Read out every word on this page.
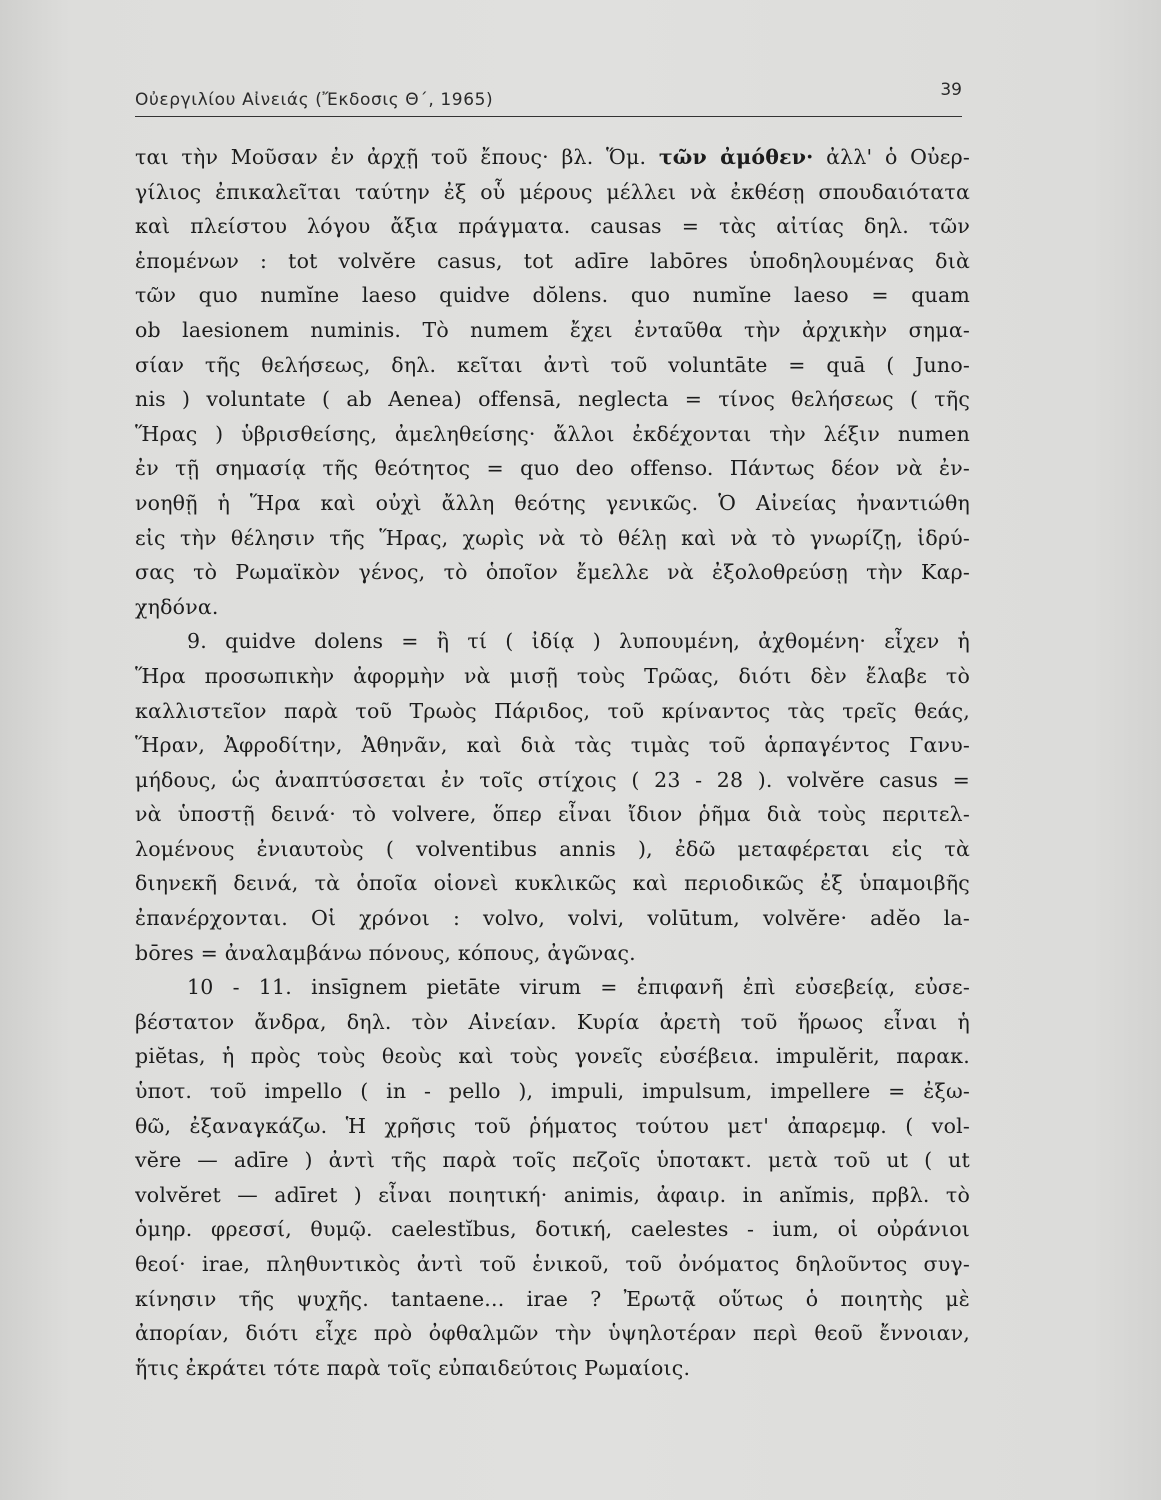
Οὐεργιλίου Αἰνειάς (Ἔκδοσις Θ΄, 1965)	39
ται τὴν Μοῦσαν ἐν ἀρχῇ τοῦ ἔπους· βλ. Ὅμ. τῶν ἀμόθεν· ἀλλ' ὁ Οὐερ-
γίλιος ἐπικαλεῖται ταύτην ἐξ οὗ μέρους μέλλει νὰ ἐκθέσῃ σπουδαιότατα
καὶ πλείστου λόγου ἄξια πράγματα. causas = τὰς αἰτίας δηλ. τῶν
ἑπομένων : tot volvĕre casus, tot adīre labōres ὑποδηλουμένας διὰ
τῶν quo numĭne laeso quidve dŏlens. quo numĭne laeso = quam
ob laesionem numinis. Τὸ numem ἔχει ἐνταῦθα τὴν ἀρχικὴν σημα-
σίαν τῆς θελήσεως, δηλ. κεῖται ἀντὶ τοῦ voluntāte = quā ( Juno-
nis ) voluntate ( ab Aenea) offensā, neglecta = τίνος θελήσεως ( τῆς
Ἥρας ) ὑβρισθείσης, ἀμεληθείσης· ἄλλοι ἐκδέχονται τὴν λέξιν numen
ἐν τῇ σημασίᾳ τῆς θεότητος = quo deo offenso. Πάντως δέον νὰ ἐν-
νοηθῇ ἡ Ἥρα καὶ οὐχὶ ἄλλη θεότης γενικῶς. Ὁ Αἰνείας ἠναντιώθη
εἰς τὴν θέλησιν τῆς Ἥρας, χωρὶς νὰ τὸ θέλῃ καὶ νὰ τὸ γνωρίζῃ, ἱδρύ-
σας τὸ Ρωμαϊκὸν γένος, τὸ ὁποῖον ἔμελλε νὰ ἐξολοθρεύσῃ τὴν Καρ-
χηδόνα.
9. quidve dolens = ἢ τί ( ἰδίᾳ ) λυπουμένη, ἀχθομένη· εἶχεν ἡ
Ἥρα προσωπικὴν ἀφορμὴν νὰ μισῇ τοὺς Τρῶας, διότι δὲν ἔλαβε τὸ
καλλιστεῖον παρὰ τοῦ Τρωὸς Πάριδος, τοῦ κρίναντος τὰς τρεῖς θεάς,
Ἥραν, Ἀφροδίτην, Ἀθηνᾶν, καὶ διὰ τὰς τιμὰς τοῦ ἁρπαγέντος Γανυ-
μήδους, ὡς ἀναπτύσσεται ἐν τοῖς στίχοις ( 23 - 28 ). volvĕre casus =
νὰ ὑποστῇ δεινά· τὸ volvere, ὅπερ εἶναι ἴδιον ῥῆμα διὰ τοὺς περιτελ-
λομένους ἐνιαυτοὺς ( volventibus annis ), ἐδῶ μεταφέρεται εἰς τὰ
διηνεκῆ δεινά, τὰ ὁποῖα οἱονεὶ κυκλικῶς καὶ περιοδικῶς ἐξ ὑπαμοιβῆς
ἐπανέρχονται. Οἱ χρόνοι : volvo, volvi, volūtum, volvĕre· adĕo la-
bōres = ἀναλαμβάνω πόνους, κόπους, ἀγῶνας.
10 - 11. insīgnem pietāte virum = ἐπιφανῆ ἐπὶ εὐσεβείᾳ, εὐσε-
βέστατον ἄνδρα, δηλ. τὸν Αἰνείαν. Κυρία ἀρετὴ τοῦ ἥρωος εἶναι ἡ
piĕtas, ἡ πρὸς τοὺς θεοὺς καὶ τοὺς γονεῖς εὐσέβεια. impulĕrit, παρακ.
ὑποτ. τοῦ impello ( in - pello ), impuli, impulsum, impellere = ἐξω-
θῶ, ἐξαναγκάζω. Ἡ χρῆσις τοῦ ῥήματος τούτου μετ' ἀπαρεμφ. ( vol-
vĕre — adīre ) ἀντὶ τῆς παρὰ τοῖς πεζοῖς ὑποτακτ. μετὰ τοῦ ut ( ut
volvĕret — adīret ) εἶναι ποιητική· animis, ἀφαιρ. in anĭmis, πρβλ. τὸ
ὁμηρ. φρεσσί, θυμῷ. caelestĭbus, δοτική, caelestes - ium, οἱ οὐράνιοι
θεοί· irae, πληθυντικὸς ἀντὶ τοῦ ἑνικοῦ, τοῦ ὀνόματος δηλοῦντος συγ-
κίνησιν τῆς ψυχῆς. tantaene... irae ? Ἐρωτᾷ οὕτως ὁ ποιητὴς μὲ
ἀπορίαν, διότι εἶχε πρὸ ὀφθαλμῶν τὴν ὑψηλοτέραν περὶ θεοῦ ἔννοιαν,
ἥτις ἐκράτει τότε παρὰ τοῖς εὐπαιδεύτοις Ρωμαίοις.
